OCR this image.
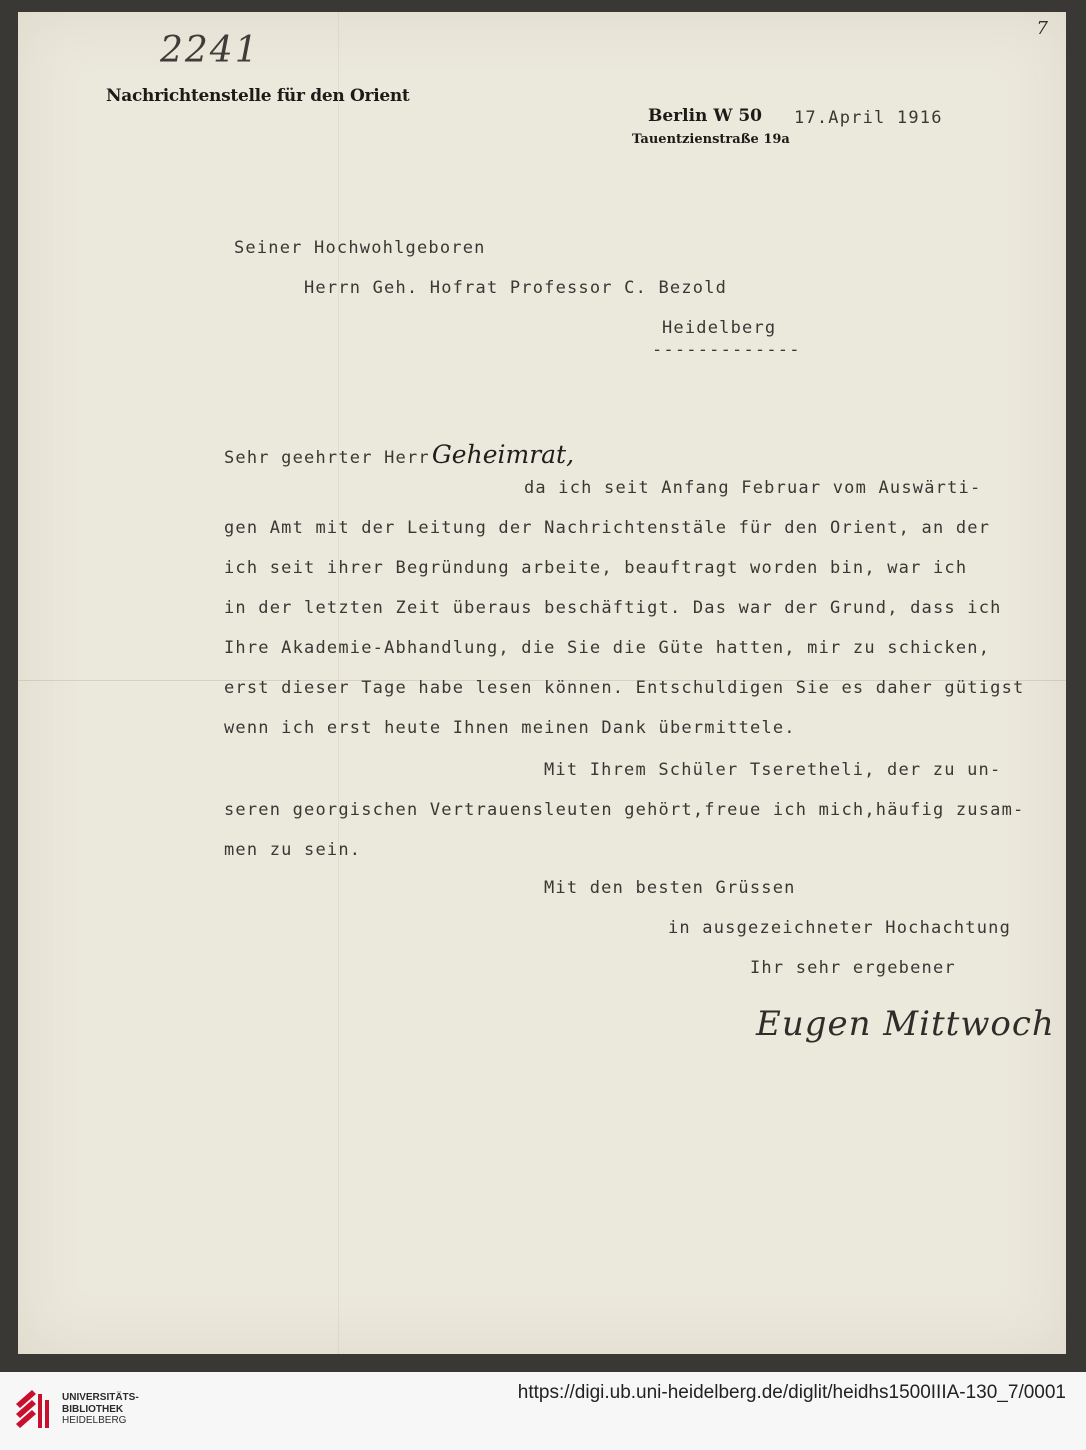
7
2241
Nachrichtenstelle für den Orient
Berlin W 50
Tauentzienstraße 19a
17.April 1916
Seiner Hochwohlgeboren
Herrn Geh. Hofrat Professor C. Bezold
Heidelberg
-------------
Sehr geehrter HerrGeheimrat,
da ich seit Anfang Februar vom Auswärti-
gen Amt mit der Leitung der Nachrichtenstäle für den Orient, an der
ich seit ihrer Begründung arbeite, beauftragt worden bin, war ich
in der letzten Zeit überaus beschäftigt. Das war der Grund, dass ich
Ihre Akademie-Abhandlung, die Sie die Güte hatten, mir zu schicken,
erst dieser Tage habe lesen können. Entschuldigen Sie es daher gütigst
wenn ich erst heute Ihnen meinen Dank übermittele.
Mit Ihrem Schüler Tseretheli, der zu un-
seren georgischen Vertrauensleuten gehört,freue ich mich,häufig zusam-
men zu sein.
Mit den besten Grüssen
in ausgezeichneter Hochachtung
Ihr sehr ergebener
Eugen Mittwoch
UNIVERSITÄTS-
BIBLIOTHEK
HEIDELBERG
https://digi.ub.uni-heidelberg.de/diglit/heidhs1500IIIA-130_7/0001
